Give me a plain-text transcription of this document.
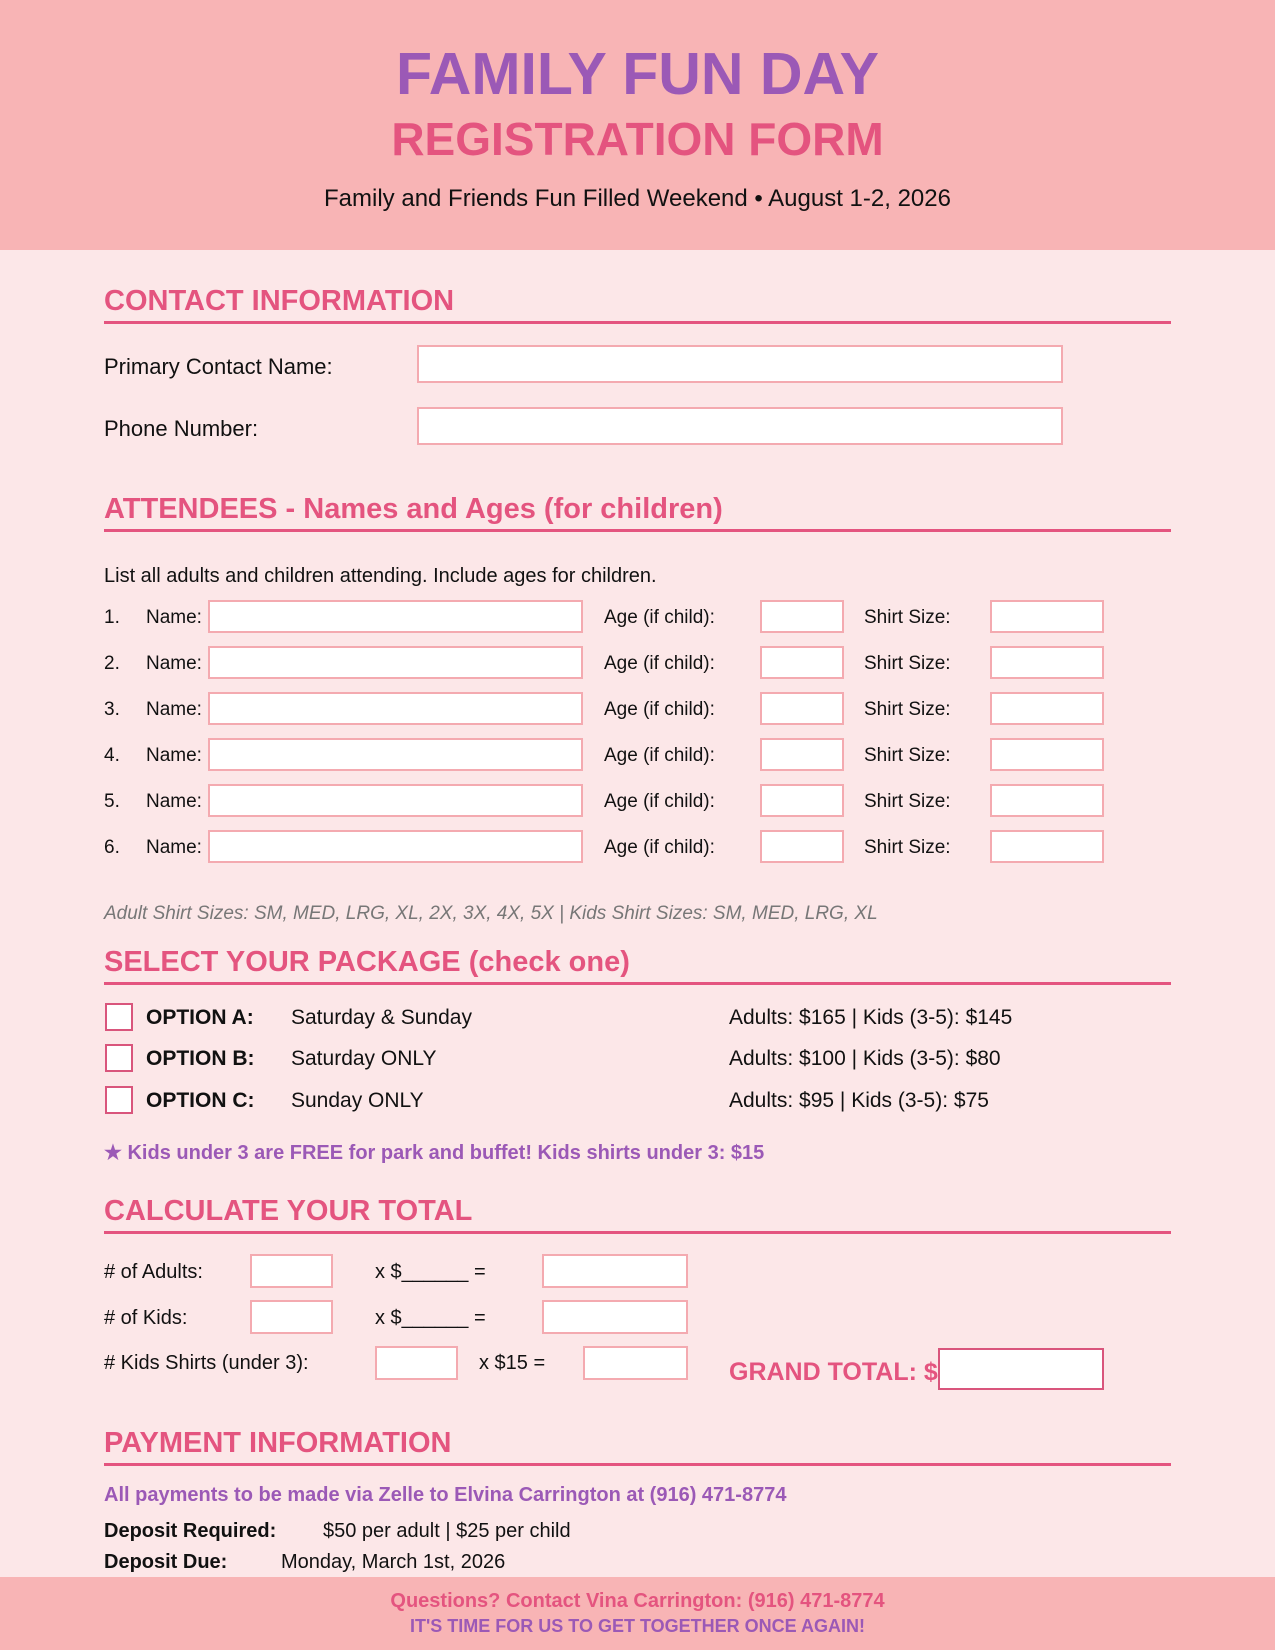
FAMILY FUN DAY
REGISTRATION FORM
Family and Friends Fun Filled Weekend • August 1-2, 2026
CONTACT INFORMATION
Primary Contact Name:
Phone Number:
ATTENDEES - Names and Ages (for children)
List all adults and children attending. Include ages for children.
1. Name:	Age (if child):	Shirt Size:
2. Name:	Age (if child):	Shirt Size:
3. Name:	Age (if child):	Shirt Size:
4. Name:	Age (if child):	Shirt Size:
5. Name:	Age (if child):	Shirt Size:
6. Name:	Age (if child):	Shirt Size:
Adult Shirt Sizes: SM, MED, LRG, XL, 2X, 3X, 4X, 5X | Kids Shirt Sizes: SM, MED, LRG, XL
SELECT YOUR PACKAGE (check one)
OPTION A: Saturday & Sunday	Adults: $165 | Kids (3-5): $145
OPTION B: Saturday ONLY	Adults: $100 | Kids (3-5): $80
OPTION C: Sunday ONLY	Adults: $95 | Kids (3-5): $75
★ Kids under 3 are FREE for park and buffet! Kids shirts under 3: $15
CALCULATE YOUR TOTAL
# of Adults:	x $______ =
# of Kids:	x $______ =
# Kids Shirts (under 3):	x $15 =	GRAND TOTAL: $
PAYMENT INFORMATION
All payments to be made via Zelle to Elvina Carrington at (916) 471-8774
Deposit Required: $50 per adult | $25 per child
Deposit Due:	Monday, March 1st, 2026
Questions? Contact Vina Carrington: (916) 471-8774
IT'S TIME FOR US TO GET TOGETHER ONCE AGAIN!
